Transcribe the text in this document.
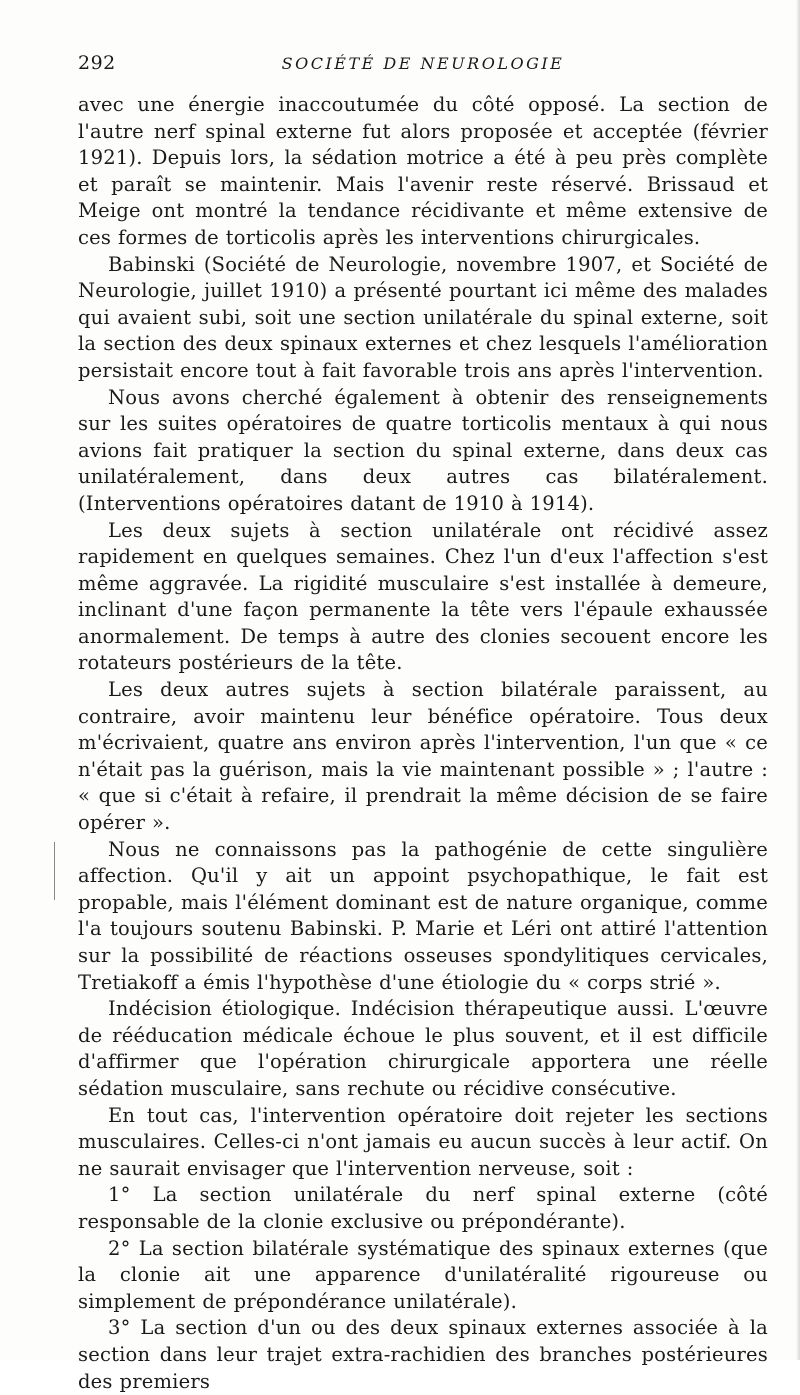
292	SOCIÉTÉ DE NEUROLOGIE

avec une énergie inaccoutumée du côté opposé. La section de l'autre nerf spinal externe fut alors proposée et acceptée (février 1921). Depuis lors, la sédation motrice a été à peu près complète et paraît se maintenir. Mais l'avenir reste réservé. Brissaud et Meige ont montré la tendance récidivante et même extensive de ces formes de torticolis après les interventions chirurgicales.

Babinski (Société de Neurologie, novembre 1907, et Société de Neurologie, juillet 1910) a présenté pourtant ici même des malades qui avaient subi, soit une section unilatérale du spinal externe, soit la section des deux spinaux externes et chez lesquels l'amélioration persistait encore tout à fait favorable trois ans après l'intervention.

Nous avons cherché également à obtenir des renseignements sur les suites opératoires de quatre torticolis mentaux à qui nous avions fait pratiquer la section du spinal externe, dans deux cas unilatéralement, dans deux autres cas bilatéralement. (Interventions opératoires datant de 1910 à 1914).

Les deux sujets à section unilatérale ont récidivé assez rapidement en quelques semaines. Chez l'un d'eux l'affection s'est même aggravée. La rigidité musculaire s'est installée à demeure, inclinant d'une façon permanente la tête vers l'épaule exhaussée anormalement. De temps à autre des clonies secouent encore les rotateurs postérieurs de la tête.

Les deux autres sujets à section bilatérale paraissent, au contraire, avoir maintenu leur bénéfice opératoire. Tous deux m'écrivaient, quatre ans environ après l'intervention, l'un que « ce n'était pas la guérison, mais la vie maintenant possible » ; l'autre : « que si c'était à refaire, il prendrait la même décision de se faire opérer ».

Nous ne connaissons pas la pathogénie de cette singulière affection. Qu'il y ait un appoint psychopathique, le fait est propable, mais l'élément dominant est de nature organique, comme l'a toujours soutenu Babinski. P. Marie et Léri ont attiré l'attention sur la possibilité de réactions osseuses spondylitiques cervicales, Tretiakoff a émis l'hypothèse d'une étiologie du « corps strié ».

Indécision étiologique. Indécision thérapeutique aussi. L'œuvre de rééducation médicale échoue le plus souvent, et il est difficile d'affirmer que l'opération chirurgicale apportera une réelle sédation musculaire, sans rechute ou récidive consécutive.

En tout cas, l'intervention opératoire doit rejeter les sections musculaires. Celles-ci n'ont jamais eu aucun succès à leur actif. On ne saurait envisager que l'intervention nerveuse, soit :

1° La section unilatérale du nerf spinal externe (côté responsable de la clonie exclusive ou prépondérante).

2° La section bilatérale systématique des spinaux externes (que la clonie ait une apparence d'unilatéralité rigoureuse ou simplement de prépondérance unilatérale).

3° La section d'un ou des deux spinaux externes associée à la section dans leur trajet extra-rachidien des branches postérieures des premiers
